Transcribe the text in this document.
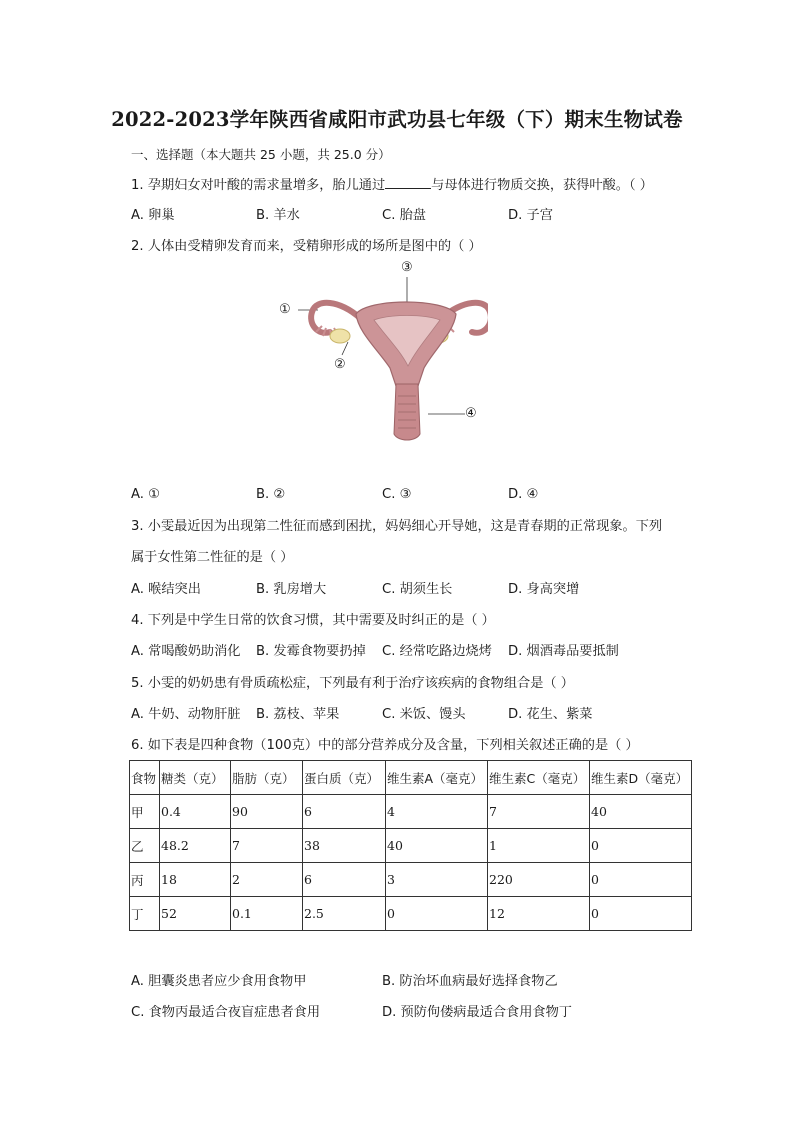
2022-2023学年陕西省咸阳市武功县七年级（下）期末生物试卷
一、选择题（本大题共 25 小题，共 25.0 分）
1. 孕期妇女对叶酸的需求量增多，胎儿通过	与母体进行物质交换，获得叶酸。（ ）
A. 卵巢	B. 羊水	C. 胎盘	D. 子宫
2. 人体由受精卵发育而来，受精卵形成的场所是图中的（ ）
③
①
②
④
A. ①	B. ②	C. ③	D. ④
3. 小雯最近因为出现第二性征而感到困扰，妈妈细心开导她，这是青春期的正常现象。下列
属于女性第二性征的是（ ）
A. 喉结突出	B. 乳房增大	C. 胡须生长	D. 身高突增
4. 下列是中学生日常的饮食习惯，其中需要及时纠正的是（ ）
A. 常喝酸奶助消化 B. 发霉食物要扔掉 C. 经常吃路边烧烤 D. 烟酒毒品要抵制
5. 小雯的奶奶患有骨质疏松症，下列最有利于治疗该疾病的食物组合是（ ）
A. 牛奶、动物肝脏 B. 荔枝、苹果	C. 米饭、馒头	D. 花生、紫菜
6. 如下表是四种食物（100克）中的部分营养成分及含量，下列相关叙述正确的是（ ）
食物	糖类（克）	脂肪（克）	蛋白质（克）	维生素A（毫克）	维生素C（毫克）	维生素D（毫克）
甲	0.4	90	6	4	7	40
乙	48.2	7	38	40	1	0
丙	18	2	6	3	220	0
丁	52	0.1	2.5	0	12	0
A. 胆囊炎患者应少食用食物甲	B. 防治坏血病最好选择食物乙
C. 食物丙最适合夜盲症患者食用	D. 预防佝偻病最适合食用食物丁
